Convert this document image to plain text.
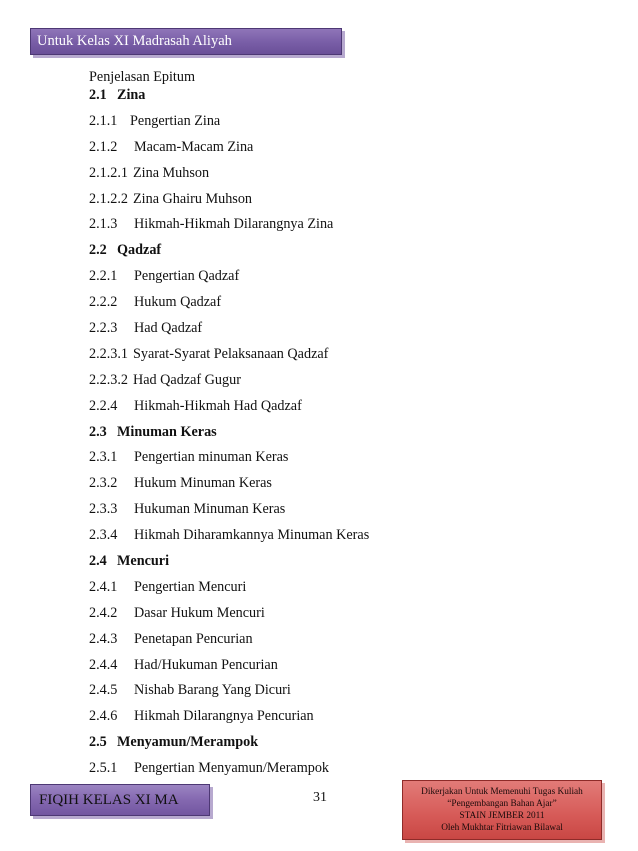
Untuk Kelas XI Madrasah Aliyah
Penjelasan Epitum
2.1 Zina
2.1.1 Pengertian Zina
2.1.2 Macam-Macam Zina
2.1.2.1 Zina Muhson
2.1.2.2 Zina Ghairu Muhson
2.1.3 Hikmah-Hikmah Dilarangnya Zina
2.2 Qadzaf
2.2.1 Pengertian Qadzaf
2.2.2 Hukum Qadzaf
2.2.3 Had Qadzaf
2.2.3.1 Syarat-Syarat Pelaksanaan Qadzaf
2.2.3.2 Had Qadzaf Gugur
2.2.4 Hikmah-Hikmah Had Qadzaf
2.3 Minuman Keras
2.3.1 Pengertian minuman Keras
2.3.2 Hukum Minuman Keras
2.3.3 Hukuman Minuman Keras
2.3.4 Hikmah Diharamkannya Minuman Keras
2.4 Mencuri
2.4.1 Pengertian Mencuri
2.4.2 Dasar Hukum Mencuri
2.4.3 Penetapan Pencurian
2.4.4 Had/Hukuman Pencurian
2.4.5 Nishab Barang Yang Dicuri
2.4.6 Hikmah Dilarangnya Pencurian
2.5 Menyamun/Merampok
2.5.1 Pengertian Menyamun/Merampok
FIQIH KELAS XI MA	31	Dikerjakan Untuk Memenuhi Tugas Kuliah
“Pengembangan Bahan Ajar”
STAIN JEMBER 2011
Oleh Mukhtar Fitriawan Bilawal
